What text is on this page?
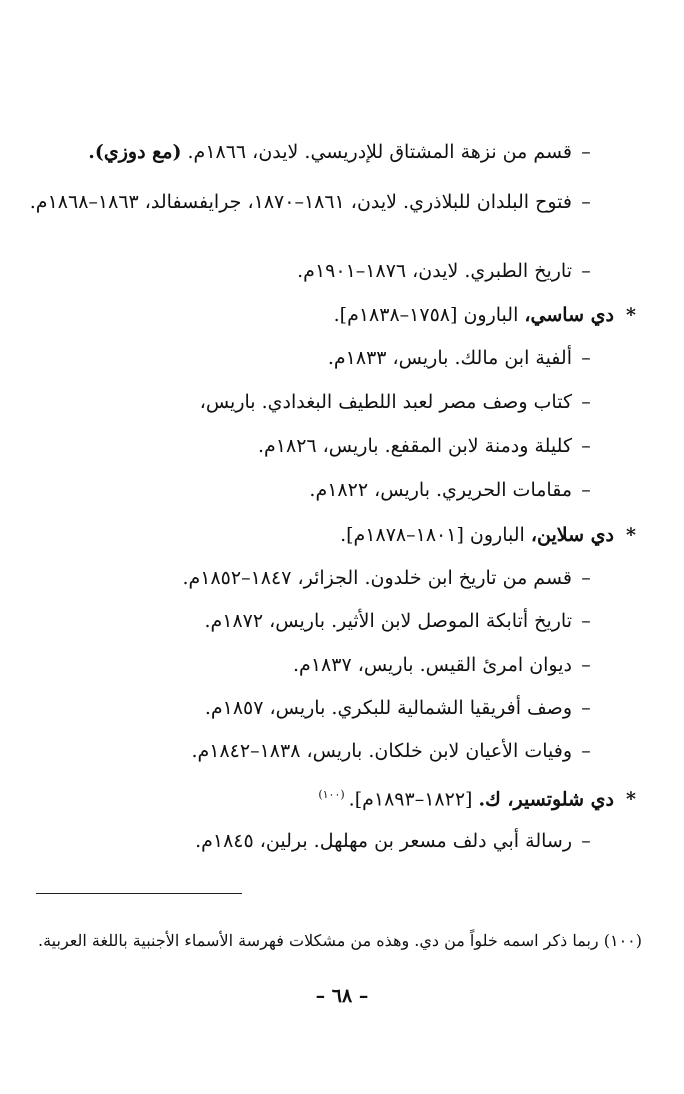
–قسم من نزهة المشتاق للإدريسي. لايدن، ١٨٦٦م. (مع دوزي).
–فتوح البلدان للبلاذري. لايدن، ١٨٦١–١٨٧٠، جرايفسفالد، ١٨٦٣–١٨٦٨م.
–تاريخ الطبري. لايدن، ١٨٧٦–١٩٠١م.
* دي ساسي، البارون [١٧٥٨–١٨٣٨م].
–ألفية ابن مالك. باريس، ١٨٣٣م.
–كتاب وصف مصر لعبد اللطيف البغدادي. باريس،
–كليلة ودمنة لابن المقفع. باريس، ١٨٢٦م.
–مقامات الحريري. باريس، ١٨٢٢م.
* دي سلاين، البارون [١٨٠١–١٨٧٨م].
–قسم من تاريخ ابن خلدون. الجزائر، ١٨٤٧–١٨٥٢م.
–تاريخ أتابكة الموصل لابن الأثير. باريس، ١٨٧٢م.
–ديوان امرئ القيس. باريس، ١٨٣٧م.
–وصف أفريقيا الشمالية للبكري. باريس، ١٨٥٧م.
–وفيات الأعيان لابن خلكان. باريس، ١٨٣٨–١٨٤٢م.
* دي شلوتسير، ك. [١٨٢٢–١٨٩٣م].$^{(١٠٠)}$
–رسالة أبي دلف مسعر بن مهلهل. برلين، ١٨٤٥م.
(١٠٠) ربما ذكر اسمه خلواً من دي. وهذه من مشكلات فهرسة الأسماء الأجنبية باللغة العربية.
– ٦٨ –
